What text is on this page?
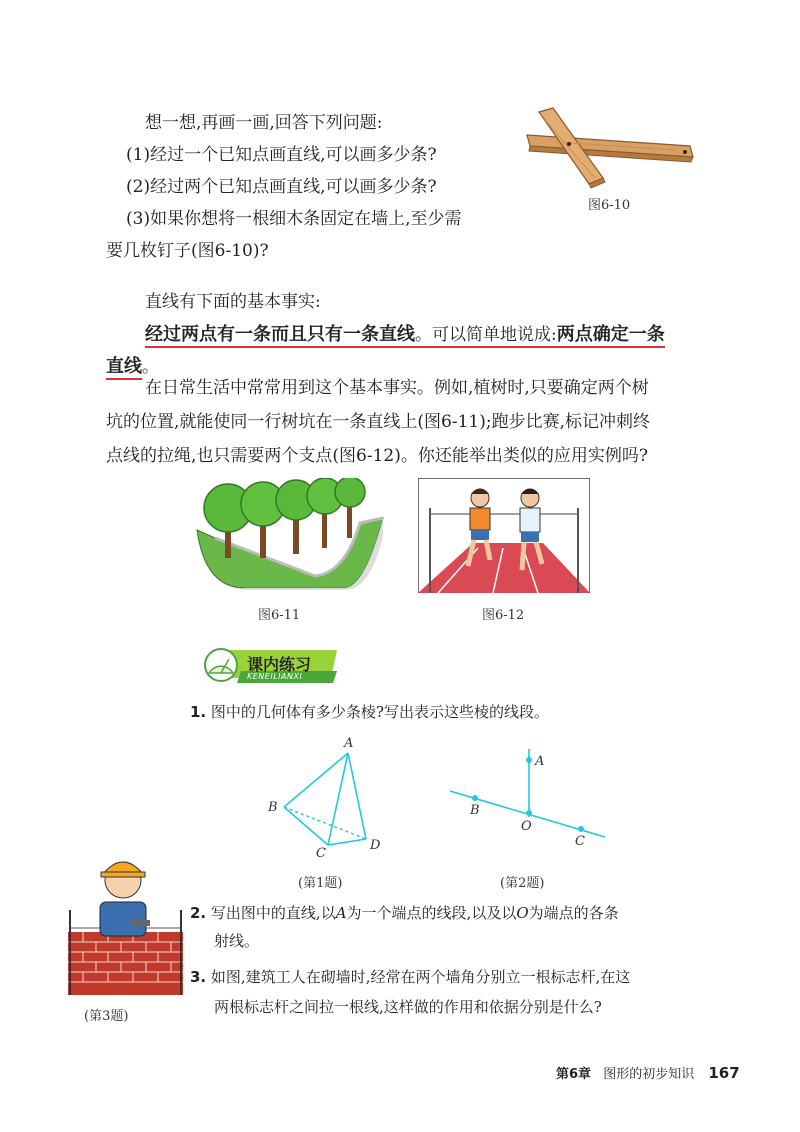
想一想,再画一画,回答下列问题:
(1)经过一个已知点画直线,可以画多少条?
(2)经过两个已知点画直线,可以画多少条?
(3)如果你想将一根细木条固定在墙上,至少需
要几枚钉子(图6-10)?
图6-10
直线有下面的基本事实:
经过两点有一条而且只有一条直线。可以简单地说成:两点确定一条
直线。
在日常生活中常常用到这个基本事实。例如,植树时,只要确定两个树
坑的位置,就能使同一行树坑在一条直线上(图6-11);跑步比赛,标记冲刺终
点线的拉绳,也只需要两个支点(图6-12)。你还能举出类似的应用实例吗?
图6-11	图6-12
课内练习
KENEILIANXI
1. 图中的几何体有多少条棱?写出表示这些棱的线段。
A
B
C
D
(第1题)
A
B
O
C
(第2题)
(第3题)
2. 写出图中的直线,以A为一个端点的线段,以及以O为端点的各条
射线。
3. 如图,建筑工人在砌墙时,经常在两个墙角分别立一根标志杆,在这
两根标志杆之间拉一根线,这样做的作用和依据分别是什么?
第6章 图形的初步知识 167
